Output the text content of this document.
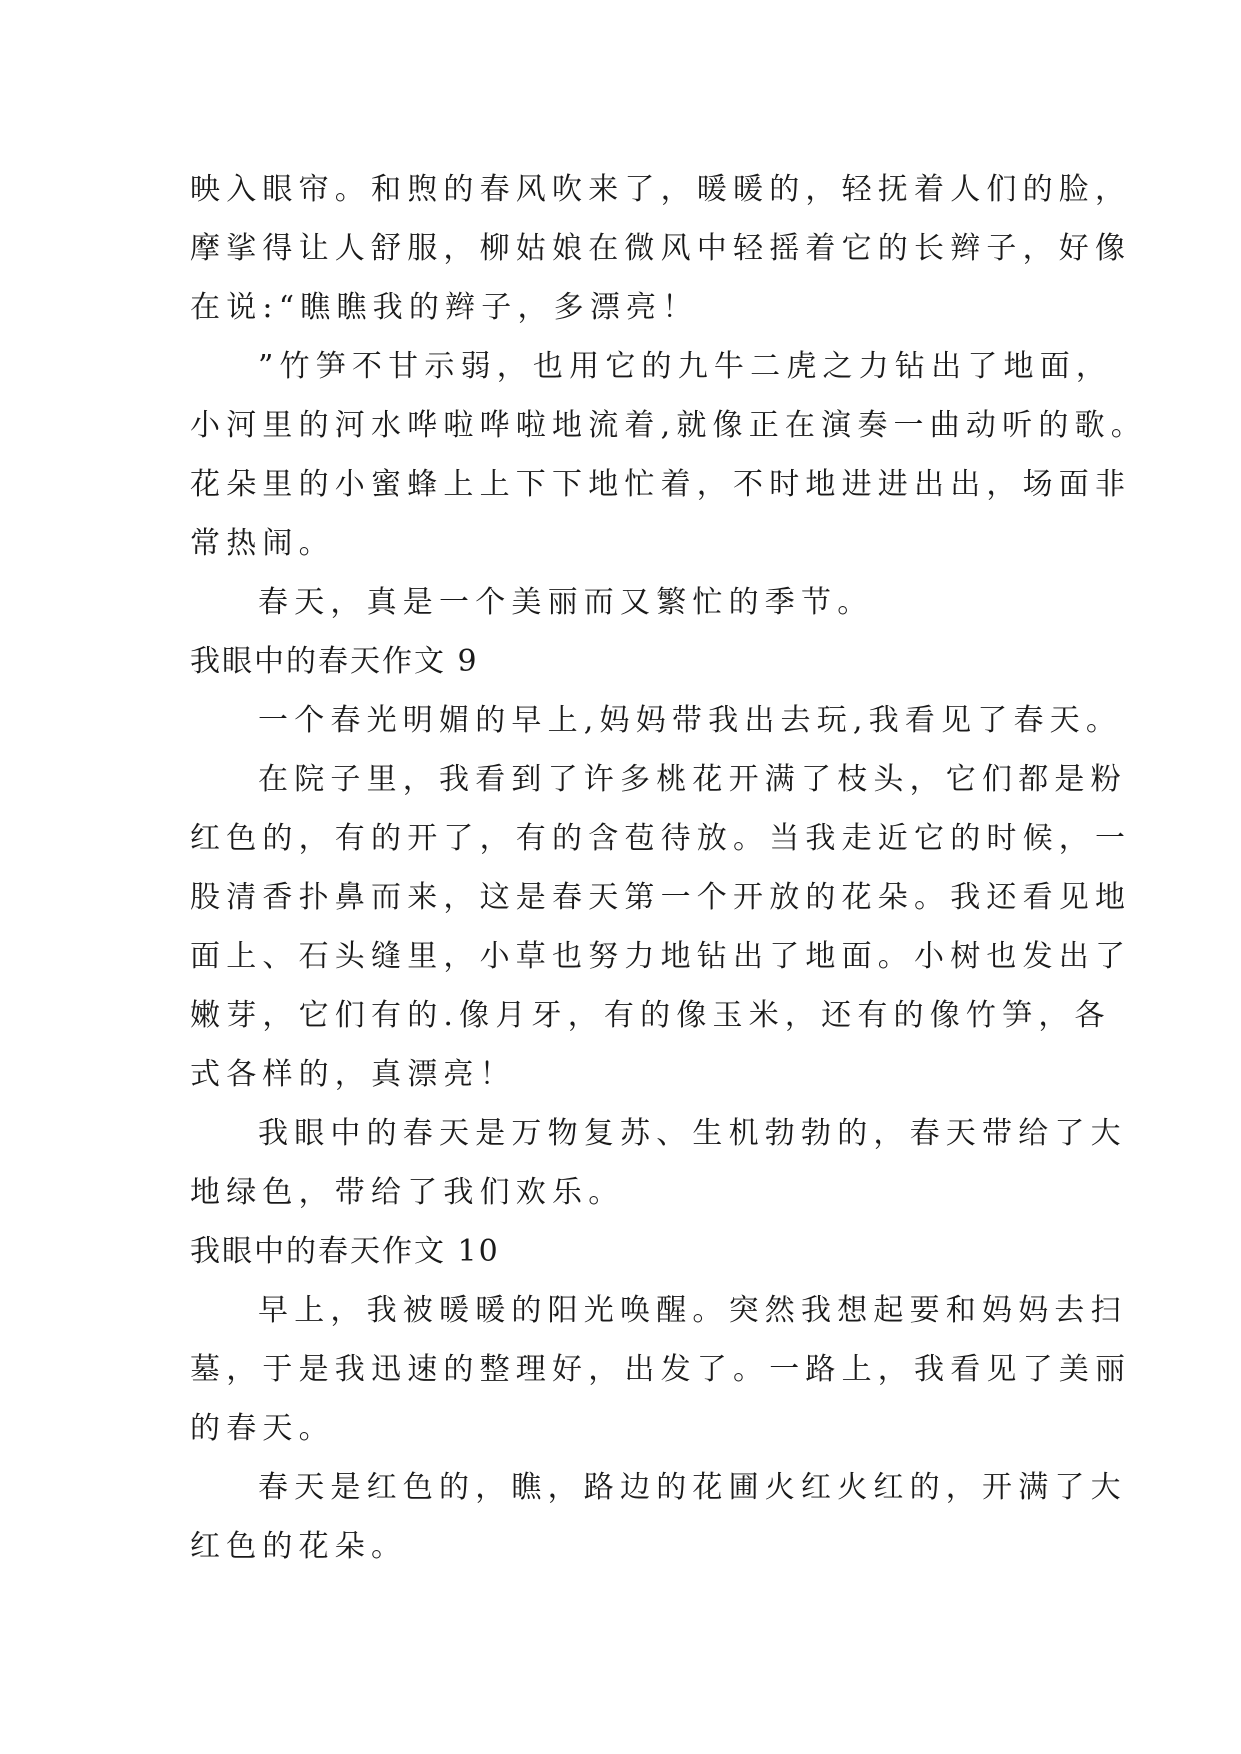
映入眼帘。和煦的春风吹来了，暖暖的，轻抚着人们的脸，
摩挲得让人舒服，柳姑娘在微风中轻摇着它的长辫子，好像
在说:“瞧瞧我的辫子，多漂亮！
”竹笋不甘示弱，也用它的九牛二虎之力钻出了地面，
小河里的河水哗啦哗啦地流着,就像正在演奏一曲动听的歌。
花朵里的小蜜蜂上上下下地忙着，不时地进进出出，场面非
常热闹。
春天，真是一个美丽而又繁忙的季节。
我眼中的春天作文 9
一个春光明媚的早上,妈妈带我出去玩,我看见了春天。
在院子里，我看到了许多桃花开满了枝头，它们都是粉
红色的，有的开了，有的含苞待放。当我走近它的时候，一
股清香扑鼻而来，这是春天第一个开放的花朵。我还看见地
面上、石头缝里，小草也努力地钻出了地面。小树也发出了
嫩芽，它们有的.像月牙，有的像玉米，还有的像竹笋，各
式各样的，真漂亮！
我眼中的春天是万物复苏、生机勃勃的，春天带给了大
地绿色，带给了我们欢乐。
我眼中的春天作文 10
早上，我被暖暖的阳光唤醒。突然我想起要和妈妈去扫
墓，于是我迅速的整理好，出发了。一路上，我看见了美丽
的春天。
春天是红色的，瞧，路边的花圃火红火红的，开满了大
红色的花朵。
